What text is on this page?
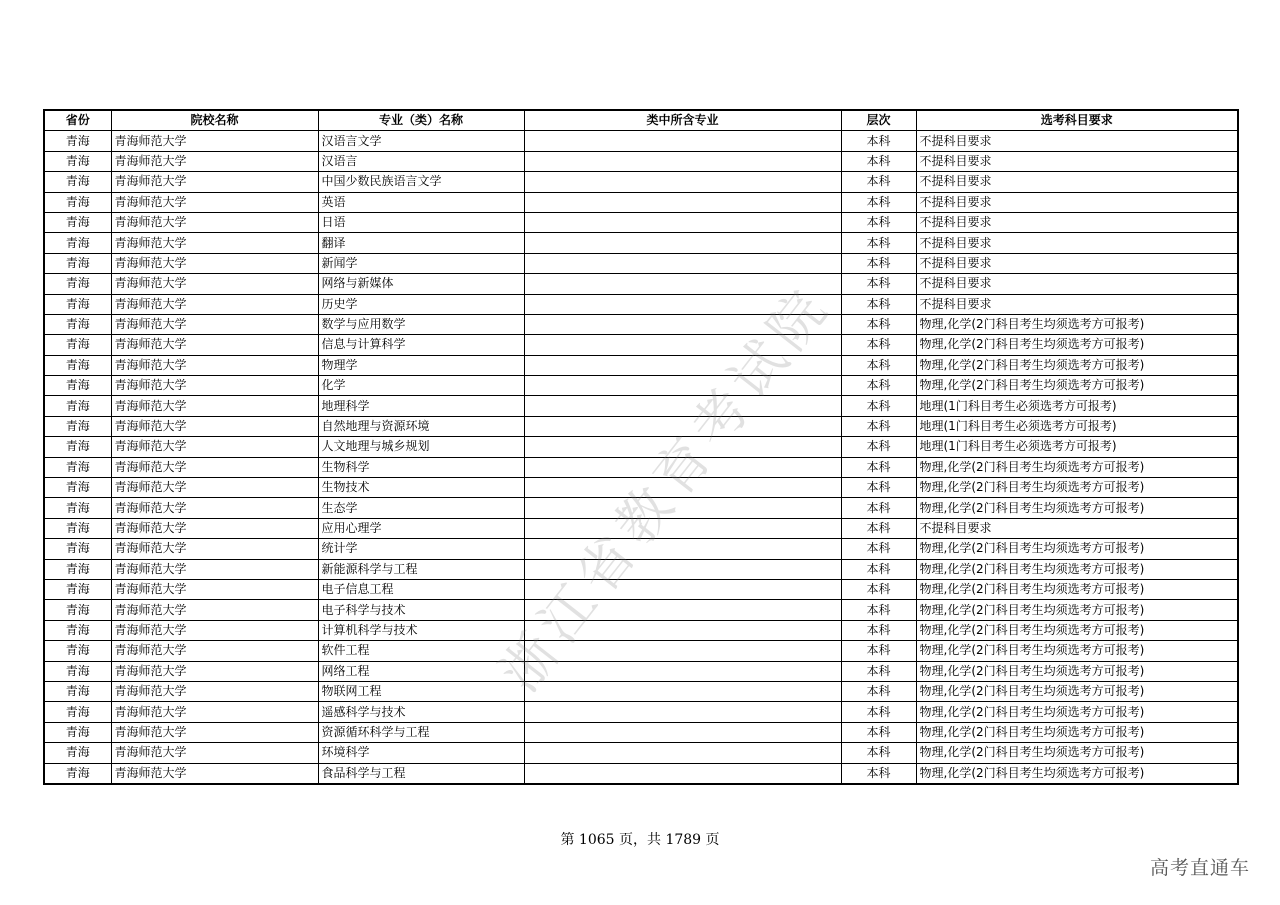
省份	院校名称	专业（类）名称	类中所含专业	层次	选考科目要求
青海	青海师范大学	汉语言文学		本科	不提科目要求
青海	青海师范大学	汉语言		本科	不提科目要求
青海	青海师范大学	中国少数民族语言文学		本科	不提科目要求
青海	青海师范大学	英语		本科	不提科目要求
青海	青海师范大学	日语		本科	不提科目要求
青海	青海师范大学	翻译		本科	不提科目要求
青海	青海师范大学	新闻学		本科	不提科目要求
青海	青海师范大学	网络与新媒体		本科	不提科目要求
青海	青海师范大学	历史学		本科	不提科目要求
青海	青海师范大学	数学与应用数学		本科	物理,化学(2门科目考生均须选考方可报考)
青海	青海师范大学	信息与计算科学		本科	物理,化学(2门科目考生均须选考方可报考)
青海	青海师范大学	物理学		本科	物理,化学(2门科目考生均须选考方可报考)
青海	青海师范大学	化学		本科	物理,化学(2门科目考生均须选考方可报考)
青海	青海师范大学	地理科学		本科	地理(1门科目考生必须选考方可报考)
青海	青海师范大学	自然地理与资源环境		本科	地理(1门科目考生必须选考方可报考)
青海	青海师范大学	人文地理与城乡规划		本科	地理(1门科目考生必须选考方可报考)
青海	青海师范大学	生物科学		本科	物理,化学(2门科目考生均须选考方可报考)
青海	青海师范大学	生物技术		本科	物理,化学(2门科目考生均须选考方可报考)
青海	青海师范大学	生态学		本科	物理,化学(2门科目考生均须选考方可报考)
青海	青海师范大学	应用心理学		本科	不提科目要求
青海	青海师范大学	统计学		本科	物理,化学(2门科目考生均须选考方可报考)
青海	青海师范大学	新能源科学与工程		本科	物理,化学(2门科目考生均须选考方可报考)
青海	青海师范大学	电子信息工程		本科	物理,化学(2门科目考生均须选考方可报考)
青海	青海师范大学	电子科学与技术		本科	物理,化学(2门科目考生均须选考方可报考)
青海	青海师范大学	计算机科学与技术		本科	物理,化学(2门科目考生均须选考方可报考)
青海	青海师范大学	软件工程		本科	物理,化学(2门科目考生均须选考方可报考)
青海	青海师范大学	网络工程		本科	物理,化学(2门科目考生均须选考方可报考)
青海	青海师范大学	物联网工程		本科	物理,化学(2门科目考生均须选考方可报考)
青海	青海师范大学	遥感科学与技术		本科	物理,化学(2门科目考生均须选考方可报考)
青海	青海师范大学	资源循环科学与工程		本科	物理,化学(2门科目考生均须选考方可报考)
青海	青海师范大学	环境科学		本科	物理,化学(2门科目考生均须选考方可报考)
青海	青海师范大学	食品科学与工程		本科	物理,化学(2门科目考生均须选考方可报考)
浙江省教育考试院
第 1065 页，共 1789 页
高考直通车
